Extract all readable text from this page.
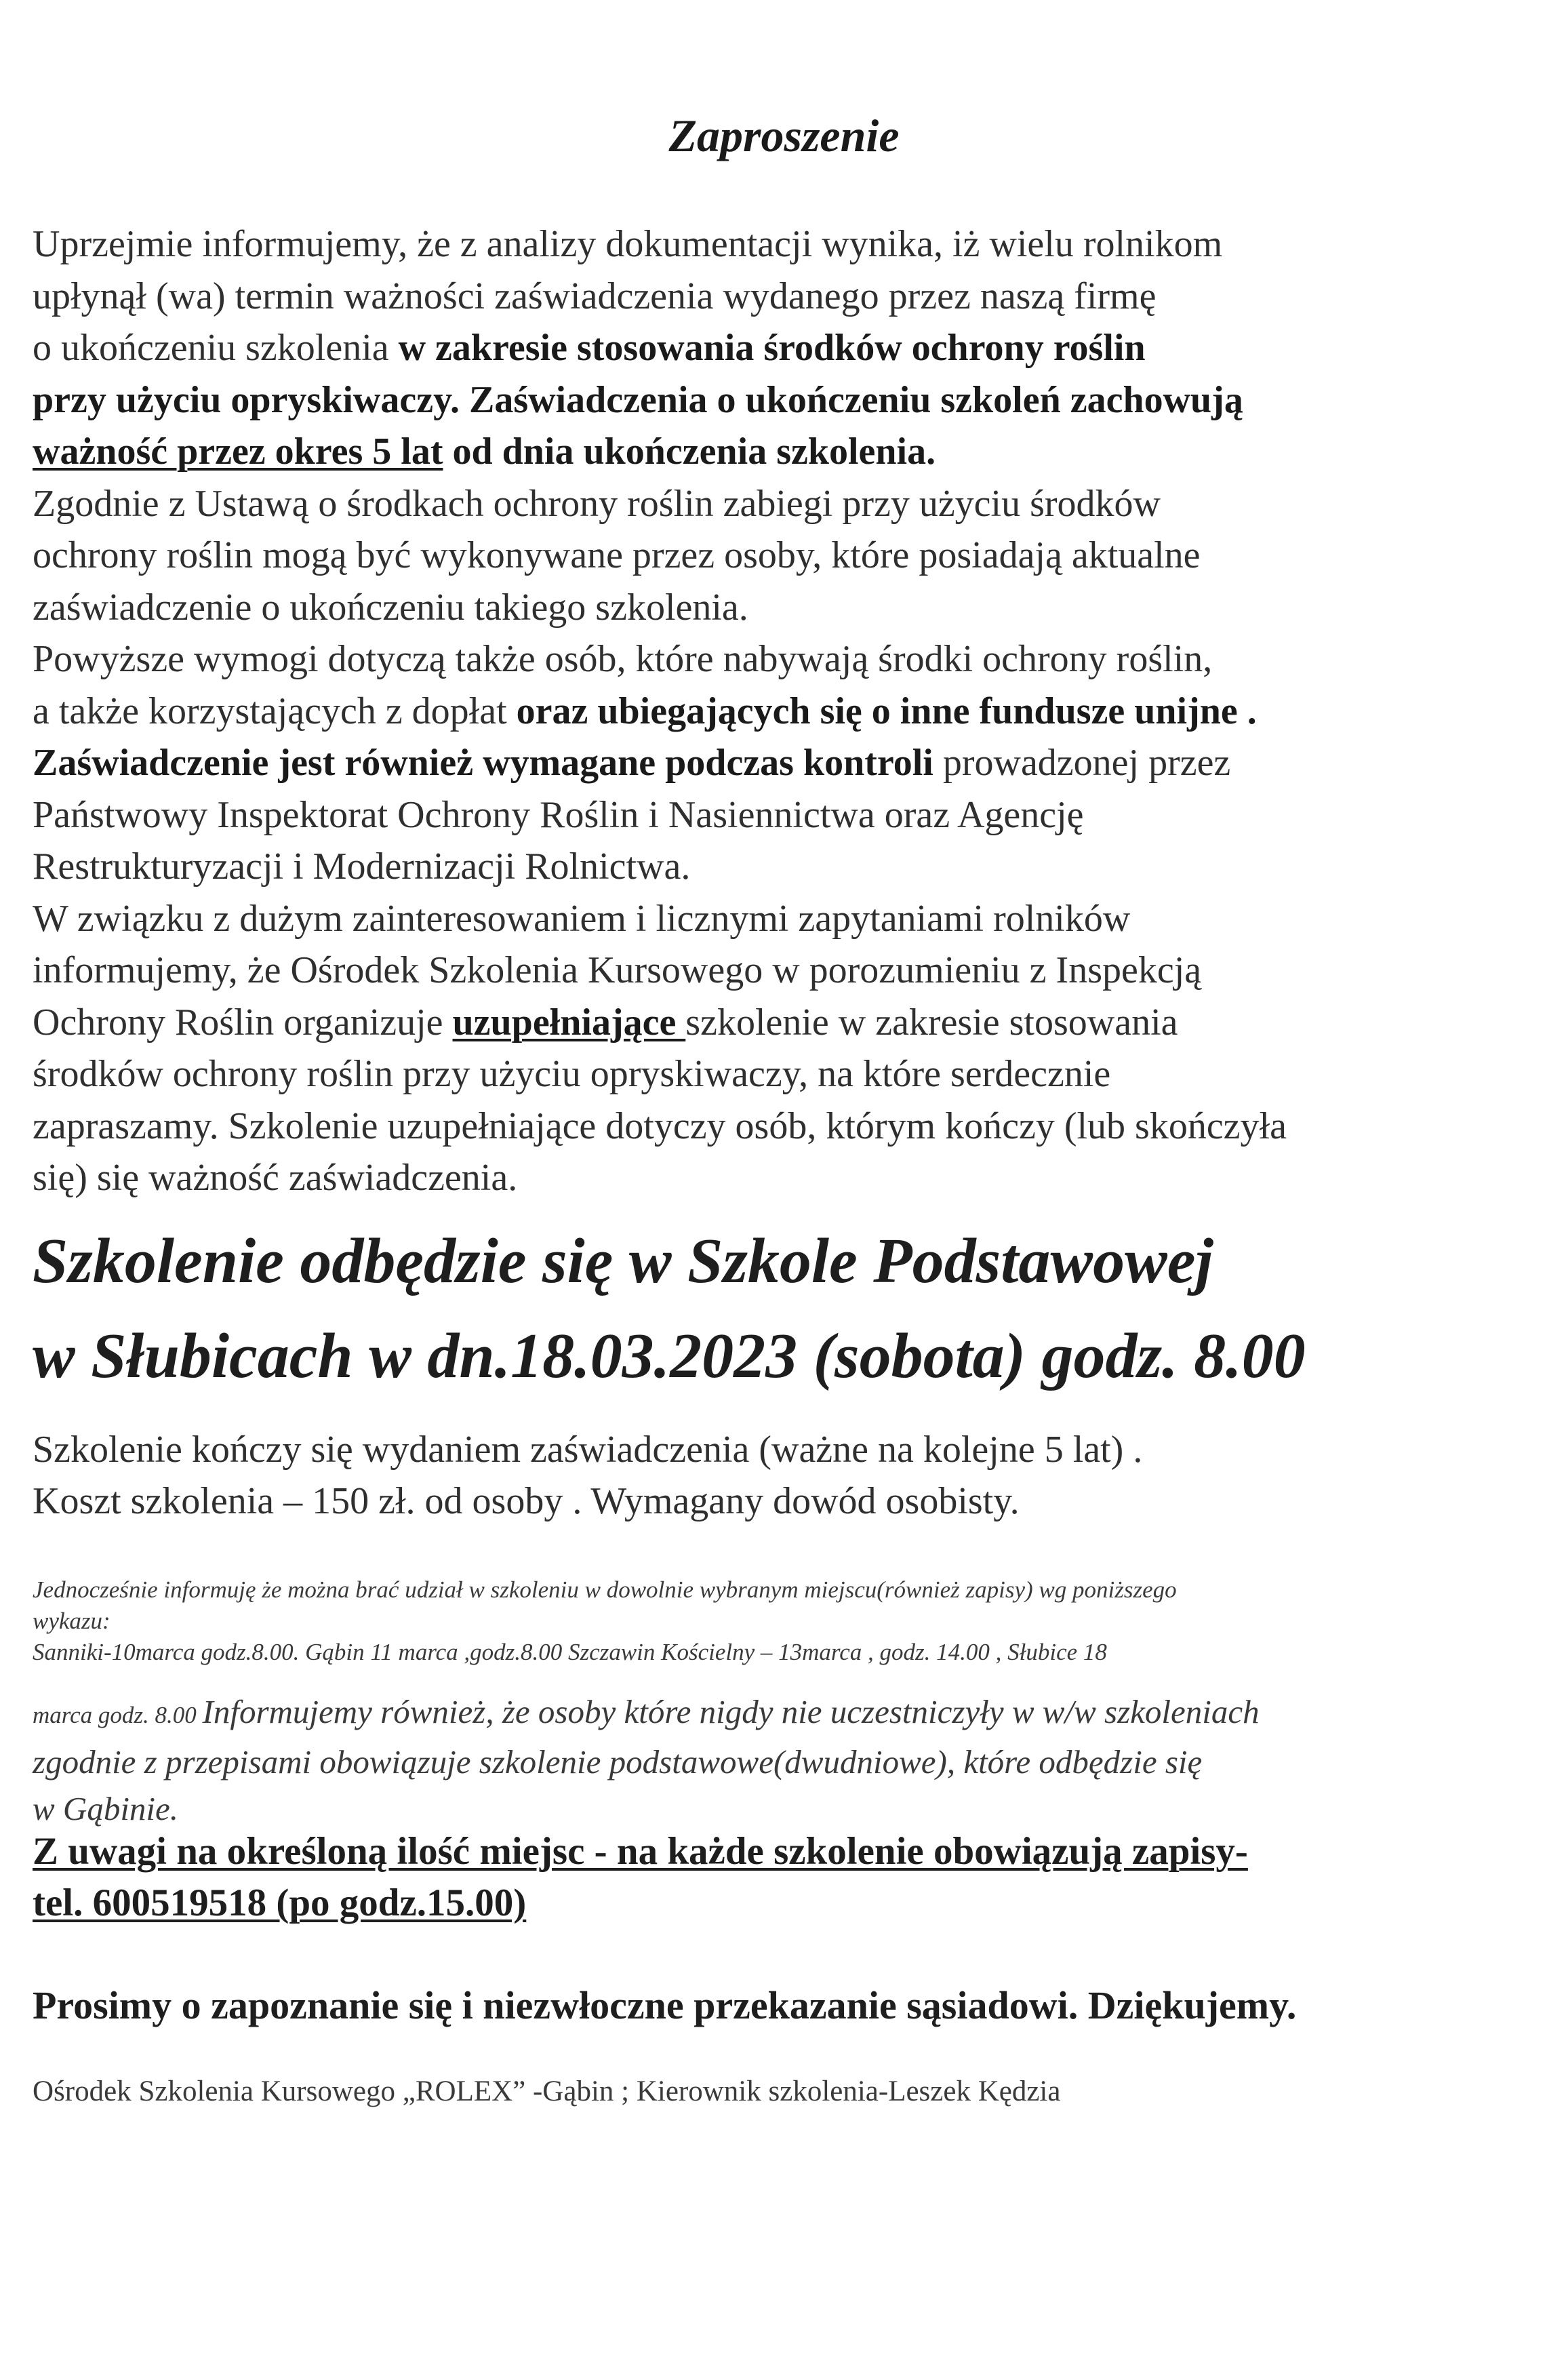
Zaproszenie

Uprzejmie informujemy, że z analizy dokumentacji wynika, iż wielu rolnikom

upłynął (wa) termin ważności zaświadczenia wydanego przez naszą firmę

o ukończeniu szkolenia w zakresie stosowania środków ochrony roślin

przy użyciu opryskiwaczy. Zaświadczenia o ukończeniu szkoleń zachowują

ważność przez okres 5 lat od dnia ukończenia szkolenia.

Zgodnie z Ustawą o środkach ochrony roślin zabiegi przy użyciu środków

ochrony roślin mogą być wykonywane przez osoby, które posiadają aktualne

zaświadczenie o ukończeniu takiego szkolenia.

Powyższe wymogi dotyczą także osób, które nabywają środki ochrony roślin,

a także korzystających z dopłat oraz ubiegających się o inne fundusze unijne .

Zaświadczenie jest również wymagane podczas kontroli prowadzonej przez

Państwowy Inspektorat Ochrony Roślin i Nasiennictwa oraz Agencję

Restrukturyzacji i Modernizacji Rolnictwa.

W związku z dużym zainteresowaniem i licznymi zapytaniami rolników

informujemy, że Ośrodek Szkolenia Kursowego w porozumieniu z Inspekcją

Ochrony Roślin organizuje uzupełniające szkolenie w zakresie stosowania

środków ochrony roślin przy użyciu opryskiwaczy, na które serdecznie

zapraszamy. Szkolenie uzupełniające dotyczy osób, którym kończy (lub skończyła

się) się ważność zaświadczenia.

Szkolenie odbędzie się w Szkole Podstawowej

w Słubicach w dn.18.03.2023 (sobota) godz. 8.00

Szkolenie kończy się wydaniem zaświadczenia (ważne na kolejne 5 lat) .

Koszt szkolenia – 150 zł. od osoby . Wymagany dowód osobisty.

Jednocześnie informuję że można brać udział w szkoleniu w dowolnie wybranym miejscu(również zapisy) wg poniższego

wykazu:

Sanniki-10marca godz.8.00. Gąbin 11 marca ,godz.8.00 Szczawin Kościelny – 13marca , godz. 14.00 , Słubice 18

marca godz. 8.00 Informujemy również, że osoby które nigdy nie uczestniczyły w w/w szkoleniach

zgodnie z przepisami obowiązuje szkolenie podstawowe(dwudniowe), które odbędzie się

w Gąbinie.

Z uwagi na określoną ilość miejsc - na każde szkolenie obowiązują zapisy-

tel. 600519518 (po godz.15.00)

Prosimy o zapoznanie się i niezwłoczne przekazanie sąsiadowi. Dziękujemy.
Ośrodek Szkolenia Kursowego „ROLEX” -Gąbin ; Kierownik szkolenia-Leszek Kędzia
